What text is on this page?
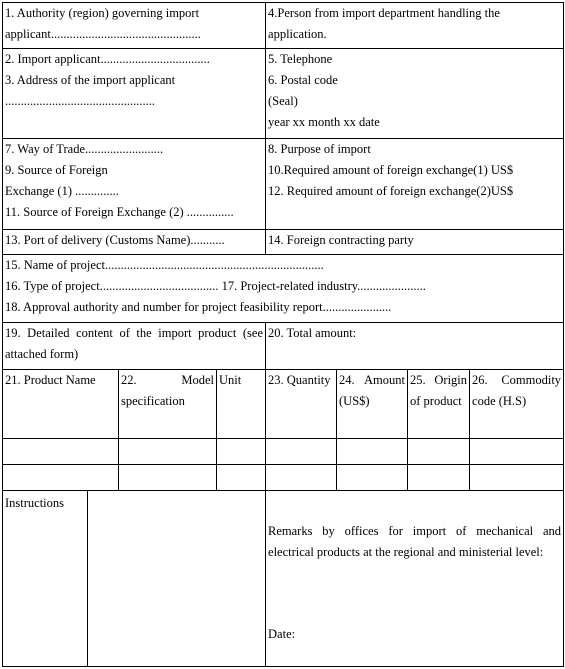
1. Authority (region) governing import
applicant................................................				4.Person from import department handling the
application.			

2. Import applicant...................................
3. Address of the import applicant
................................................				5. Telephone
6. Postal code
(Seal)
year xx month xx date			

7. Way of Trade.........................
9. Source of Foreign
Exchange (1) ..............
11. Source of Foreign Exchange (2) ...............				8. Purpose of import
10.Required amount of foreign exchange(1) US$
12. Required amount of foreign exchange(2)US$			

13. Port of delivery (Customs Name)...........				14. Foreign contracting party			

15. Name of project......................................................................
16. Type of project...................................... 17. Project-related industry......................
18. Approval authority and number for project feasibility report......................							

19. Detailed content of the import product (see attached form)				20. Total amount:			

21. Product Name		22. Model specification	Unit	23. Quantity	24. Amount (US$)	25. Origin of product	26. Commodity code (H.S)

Instructions				Remarks by offices for import of mechanical and electrical products at the regional and ministerial level:
Date:			
